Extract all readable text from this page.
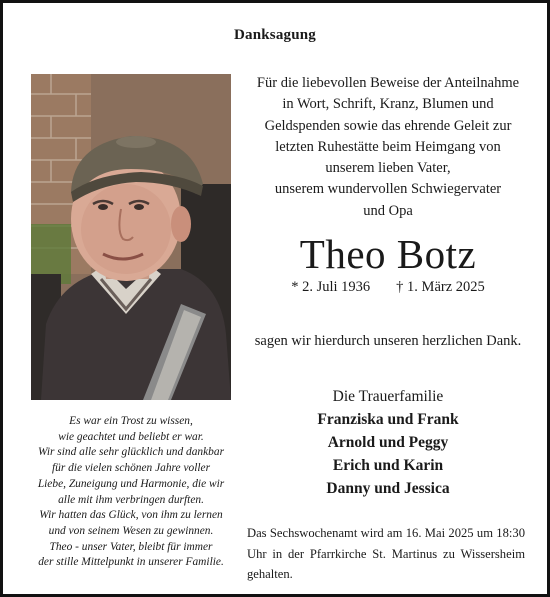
Danksagung
Für die liebevollen Beweise der Anteilnahme
in Wort, Schrift, Kranz, Blumen und
Geldspenden sowie das ehrende Geleit zur
letzten Ruhestätte beim Heimgang von
unserem lieben Vater,
unserem wundervollen Schwiegervater
und Opa
Theo Botz
* 2. Juli 1936 † 1. März 2025
sagen wir hierdurch unseren herzlichen Dank.
Die Trauerfamilie
Franziska und Frank
Arnold und Peggy
Erich und Karin
Danny und Jessica
Es war ein Trost zu wissen,
wie geachtet und beliebt er war.
Wir sind alle sehr glücklich und dankbar
für die vielen schönen Jahre voller
Liebe, Zuneigung und Harmonie, die wir
alle mit ihm verbringen durften.
Wir hatten das Glück, von ihm zu lernen
und von seinem Wesen zu gewinnen.
Theo - unser Vater, bleibt für immer
der stille Mittelpunkt in unserer Familie.
Das Sechswochenamt wird am 16. Mai 2025 um 18:30 Uhr in der Pfarrkirche St. Martinus zu Wissersheim gehalten.
